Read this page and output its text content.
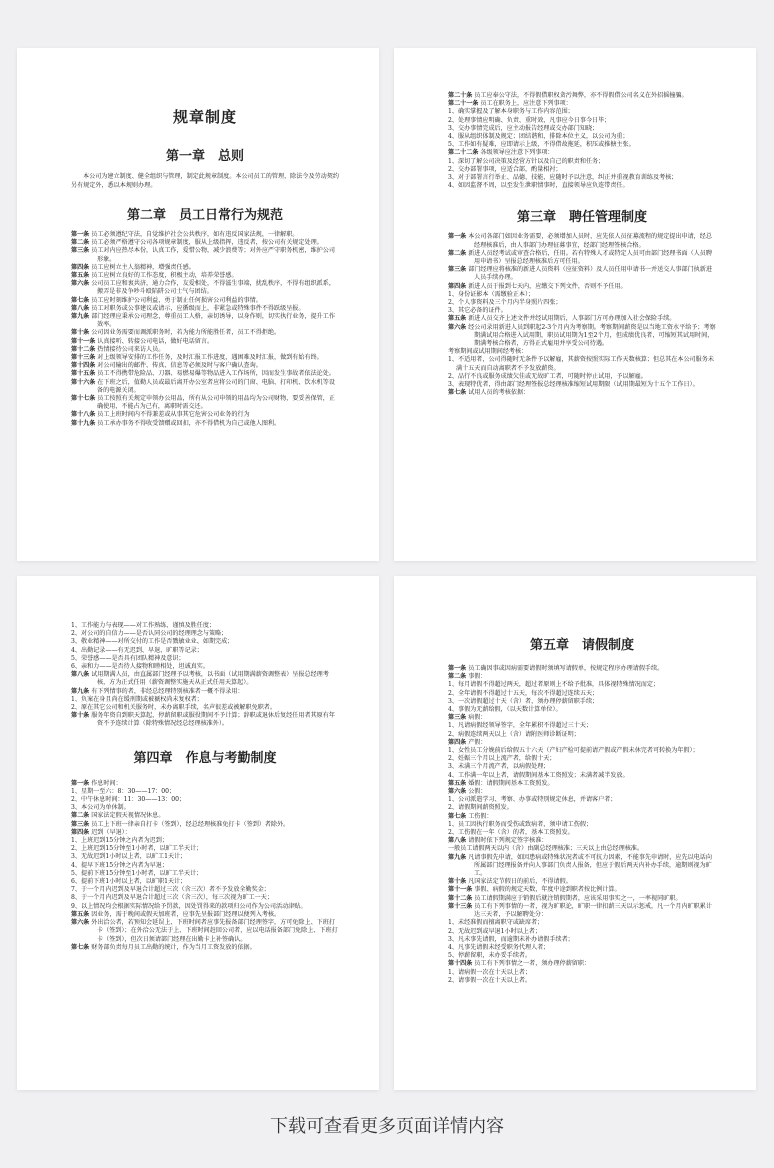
规章制度
第一章　总则

本公司为建立制度、健全组织与管理，制定此规章制度。本公司员工的管理，除法令及劳动契约另有规定外，悉以本规则办理。

第二章　员工日常行为规范

第一条 员工必须遵纪守法，自觉维护社会公共秩序，如有违反国家法规，一律解职。

第二条 员工必须严格遵守公司各项规章制度，服从上级指挥，违反者，按公司有关规定处理。

第三条 员工对内应热尽本份，认真工作，爱惜公物，减少浪费等；对外应严守职务机密，维护公司形象。

第四条 员工应树立主人翁精神，增强责任感。

第五条 员工应树立良好的工作态度，积极主动，培养荣誉感。

第六条 公司员工应和衷共济，通力合作，友爱相处，不得滋生事端，扰乱秩序，不得有组织派系，搬弄是非及争吵斗殴陷阱公司士气与团结。

第七条 员工应时刻维护公司利益，勇于制止任何损害公司利益的事情。

第八条 员工对职务或公事建议或请示，应循级而上，非紧急或特殊事件不得跃级呈报。

第九条 部门经理应秉承公司理念，尊重员工人格，亲切诱导，以身作则，切实执行业务，提升工作效率。

第十条 公司因业务需要而调派职务时，若为能力所能胜任者，员工不得拒绝。

第十一条 认真接听、转接公司电话，做好电话留言。

第十二条 热情接待公司来访人员。

第十三条 对上级领导安排的工作任务，及时汇报工作进度，遇困难及时汇报，做到有始有终。

第十四条 对公司输出的邮件、传真、信息等必须及时与客户确认查询。

第十五条 员工不得携带危险品、刀器、易燃易爆等物品进入工作场所，因而发生事故者依法论处。

第十六条 在下班之后，值勤人员或最后离开办公室者应将公司的门窗、电脑、打印机、饮水机等设备的电源关闭。

第十七条 员工按照有关规定申领办公用品，所有从公司申领的用品均为公司财物，要妥善保管，正确使用，不能占为己有，离职时需交还。

第十八条 员工上班时间内不得兼差或从事其它危害公司业务的行为

第十九条 员工承办事务不得收受馈赠或回扣，亦不得借机为自己或他人图利。

第二十条 员工应奉公守法，不得假借职权贪污舞弊，亦不得假借公司名义在外招摇撞骗。

第二十一条 员工在职务上，应注意下列事项：

1、确实掌握及了解本身职务与工作内容范围；

2、处理事情应明确、负责、重时效，凡事应今日事今日毕；

3、交办事情完成后，应主动报告经理或交办部门知晓；

4、服从组织体制及规定；团结谐和，排除本位主义，以公司为重；

5、工作如有疑难，应即请示上级，不得借故拖延，积压或推搪主张。

第二十二条 各级领导应注意下列事项：

1、深切了解公司决策及经营方针以及自己的职责和任务；

2、交办部署事项，应适合部，酌量相衬；

3、对于部署言行举止、品德、技能，应随时予以注意，纠正并重视教育训练及考核；

4、如因监督不周，以至发生泄职情事时，直接领导应负连带责任。

第三章　聘任管理制度

第一条 本公司各部门如因业务需要，必须增加人员时，应先依人员征募流程的规定提出申请，经总经理核准后，由人事部门办理征募事宜，经部门经理签核合格。

第二条 新进人员经考试或审查合格后，任用。若有特殊人才或特定人员可由部门经理书面（人员聘用申请书）呈报总经理核准后方可任用。

第三条 部门经理应将核准的新进人员资料（应征资料）及人员任用申请书一并送交人事部门执新进人员手续办理。

第四条 新进人员于报到七天内，应缴交下列文件，否则不予任用。

1、身份证影本（需缴验正本）；

2、个人事资料及三个月内半身照片四张；

3、其它必备的证件。

第五条 新进人员交齐上述文件并经试用期后，人事部门方可办理加入社会保险手续。

第六条 经公司录用新进人员到职起2-3个月内为考察期。考察期间薪资是以当地工资水平给予；考察期满试用合格进入试用期，职员试用期为1至2个月，但成绩优良者，可缩短其试用时间，期满考核合格者，方得正式雇用并享受公司待遇。

考察期间或试用期间经考核：

1、不适用者，公司得随时无条件予以解雇，其薪资按照实际工作天数核算；但总其在本公司服务未满十五天而自动离职者不予发放薪资。

2、品行不良或服务成绩欠佳或无故旷工者，可随时停止试用，予以解雇。

3、表现特优者，得由部门经理签报总经理核准缩短试用期限（试用期最短为十五个工作日）。

第七条 试用人员的考核依据：

1、工作能力与表现——对工作熟练、谨慎及胜任度；

2、对公司的自信力——是否认同公司的经理理念与策略；

3、敬业精神——对所交付的工作是否戮敏业业、如期完成；

4、出勤记录——有无迟到、早退、旷职等记录；

5、荣誉感——是否具有团队精神及意识；

6、亲和力——是否待人接物和睦相处，坦诚真实。

第八条 试用期满人员，由直属部门经理予以考核，以书面（试用期满薪资调整表）呈报总经理考核，方为正式任用（薪资调整实施天从正式任用天算起）。

第九条 有下列情事的者，非经总经理特别核准者一概不得录用：

1、负案在身且尚在缓刑期或被褫权尚未复权者；

2、原在其它公司和机关服务时，未办离职手续，名声很差或被解职免职者。

第十条 服务年资自到职天算起，停薪留职或服役期间不予计算；辞职或退休后复经任用者其原有年资不予连续计算（除特殊情况经总经理核准外）。

第四章　作息与考勤制度

第一条 作息时间：

1、星期一至六：8：30——17：00；

2、中午休息时间：11：30——13：00；

3、本公司为单休制。

第二条 国家法定假天视情况休息。

第三条 员工上下班一律亲自打卡（签到），经总经理核准免打卡（签到）者除外。

第四条 迟到（早退）：

1、上班迟到15分钟之内者为迟到；

2、上班迟到15分钟至1小时者，以旷工半天计；

3、无故迟到1小时以上者，以旷工1天计；

4、提早下班15分钟之内者为早退；

5、提前下班15分钟至1小时者，以旷工半天计；

6、提前下班1小时以上者，以旷职1天计；

7、于一个月内迟到及早退合计超过三次（含三次）者不予发放全勤奖金；

8、于一个月内迟到及早退合计超过三次（含三次），每三次视为旷工一天；

9、以上情况均会根据实际情况给予罚款，因处罚得来的款项归公司作为公司活动津贴。

第五条 因业务，需于晚间或假天加班者，应事先呈报部门经理以便列入考核。

第六条 外出洽公者，若预知会延误上、下班时间者应事先报备部门经理签字，方可免除上、下班打卡（签到）；在外洽公无法于上、下班时间赶回公司者，应以电话报备部门免除上、下班打卡（签到），但次日须请部门经理在出勤卡上补签确认。

第七条 财务部负责每月员工出勤的统计，作为当月工资发放的依据。

第五章　请假制度

第一条 员工确因事或因病需要请假时须填写请假单，按规定程序办理请假手续。

第二条 事假：

1、每月请假不得超过两天，超过者原则上不给予批准，具体视特殊情况而定；

2、全年请假不得超过十五天，每次不得超过连续五天；

3、一次请假超过十天（含）者，须办理停薪留职手续；

4、事假为无薪给假，（以天数计算单位）。

第三条 病假：

1、凡请病假经领导签字，全年累积不得超过三十天；

2、病假连续两天以上（含）请附医师诊断证明；

第四条 产假：

1、女性员工分娩前后给假五十六天（产妇产检可提前请产假或产假未休完者可转换为年假）；

2、妊娠三个月以上流产者，给假十天；

3、未满三个月流产者，以病假处理；

4、工作满一年以上者，请假期间基本工资照发；未满者减半发放。

第五条 婚假：请假期间基本工资照发。

第六条 公假：

1、公司派遣学习、考察、办事或特别规定休息，并请客户者；

2、请假期间薪资照发。

第七条 工伤假：

1、员工因执行职务而受伤或致病者，须申请工伤假；

2、工伤假在一年（含）的者，基本工资照发。

第八条 请假时依下列规定签字核准：

一般员工请假两天以内（含）由副总经理核准；三天以上由总经理核准。

第九条 凡请事假先申请，如因患病或特殊状况者或不可抗力因素，不能事先申请时，应先以电话向所属部门经理报备并向人事部门负责人报备，但应于假后两天内补办手续，逾期则视为旷工。

第十条 凡国家法定节假日的前后，不得请假。

第十一条 事假、病假的规定天数，年度中途到职者按比例计算。

第十二条 员工请假期满应于销假后就注销假期者，应该采用事实之一，一率视同旷职。

第十三条 员工有下列事情的一者，视为旷职论，旷职一律扣薪三天以示惩戒，凡一个月内旷职累计达三天者，予以解聘处分：

1、未经准假而擅离职守或缺席者；

2、无故迟到或早退1小时以上者；

3、凡未事先请假，而逾期未补办请假手续者；

4、凡事先请假未经受职务代理人者；

5、停薪留职，未办妥手续者。

第十四条 员工有下列事情之一者，须办理停薪留职：

1、请病假一次在十天以上者；

2、请事假一次在十天以上者。

下载可查看更多页面详情内容
